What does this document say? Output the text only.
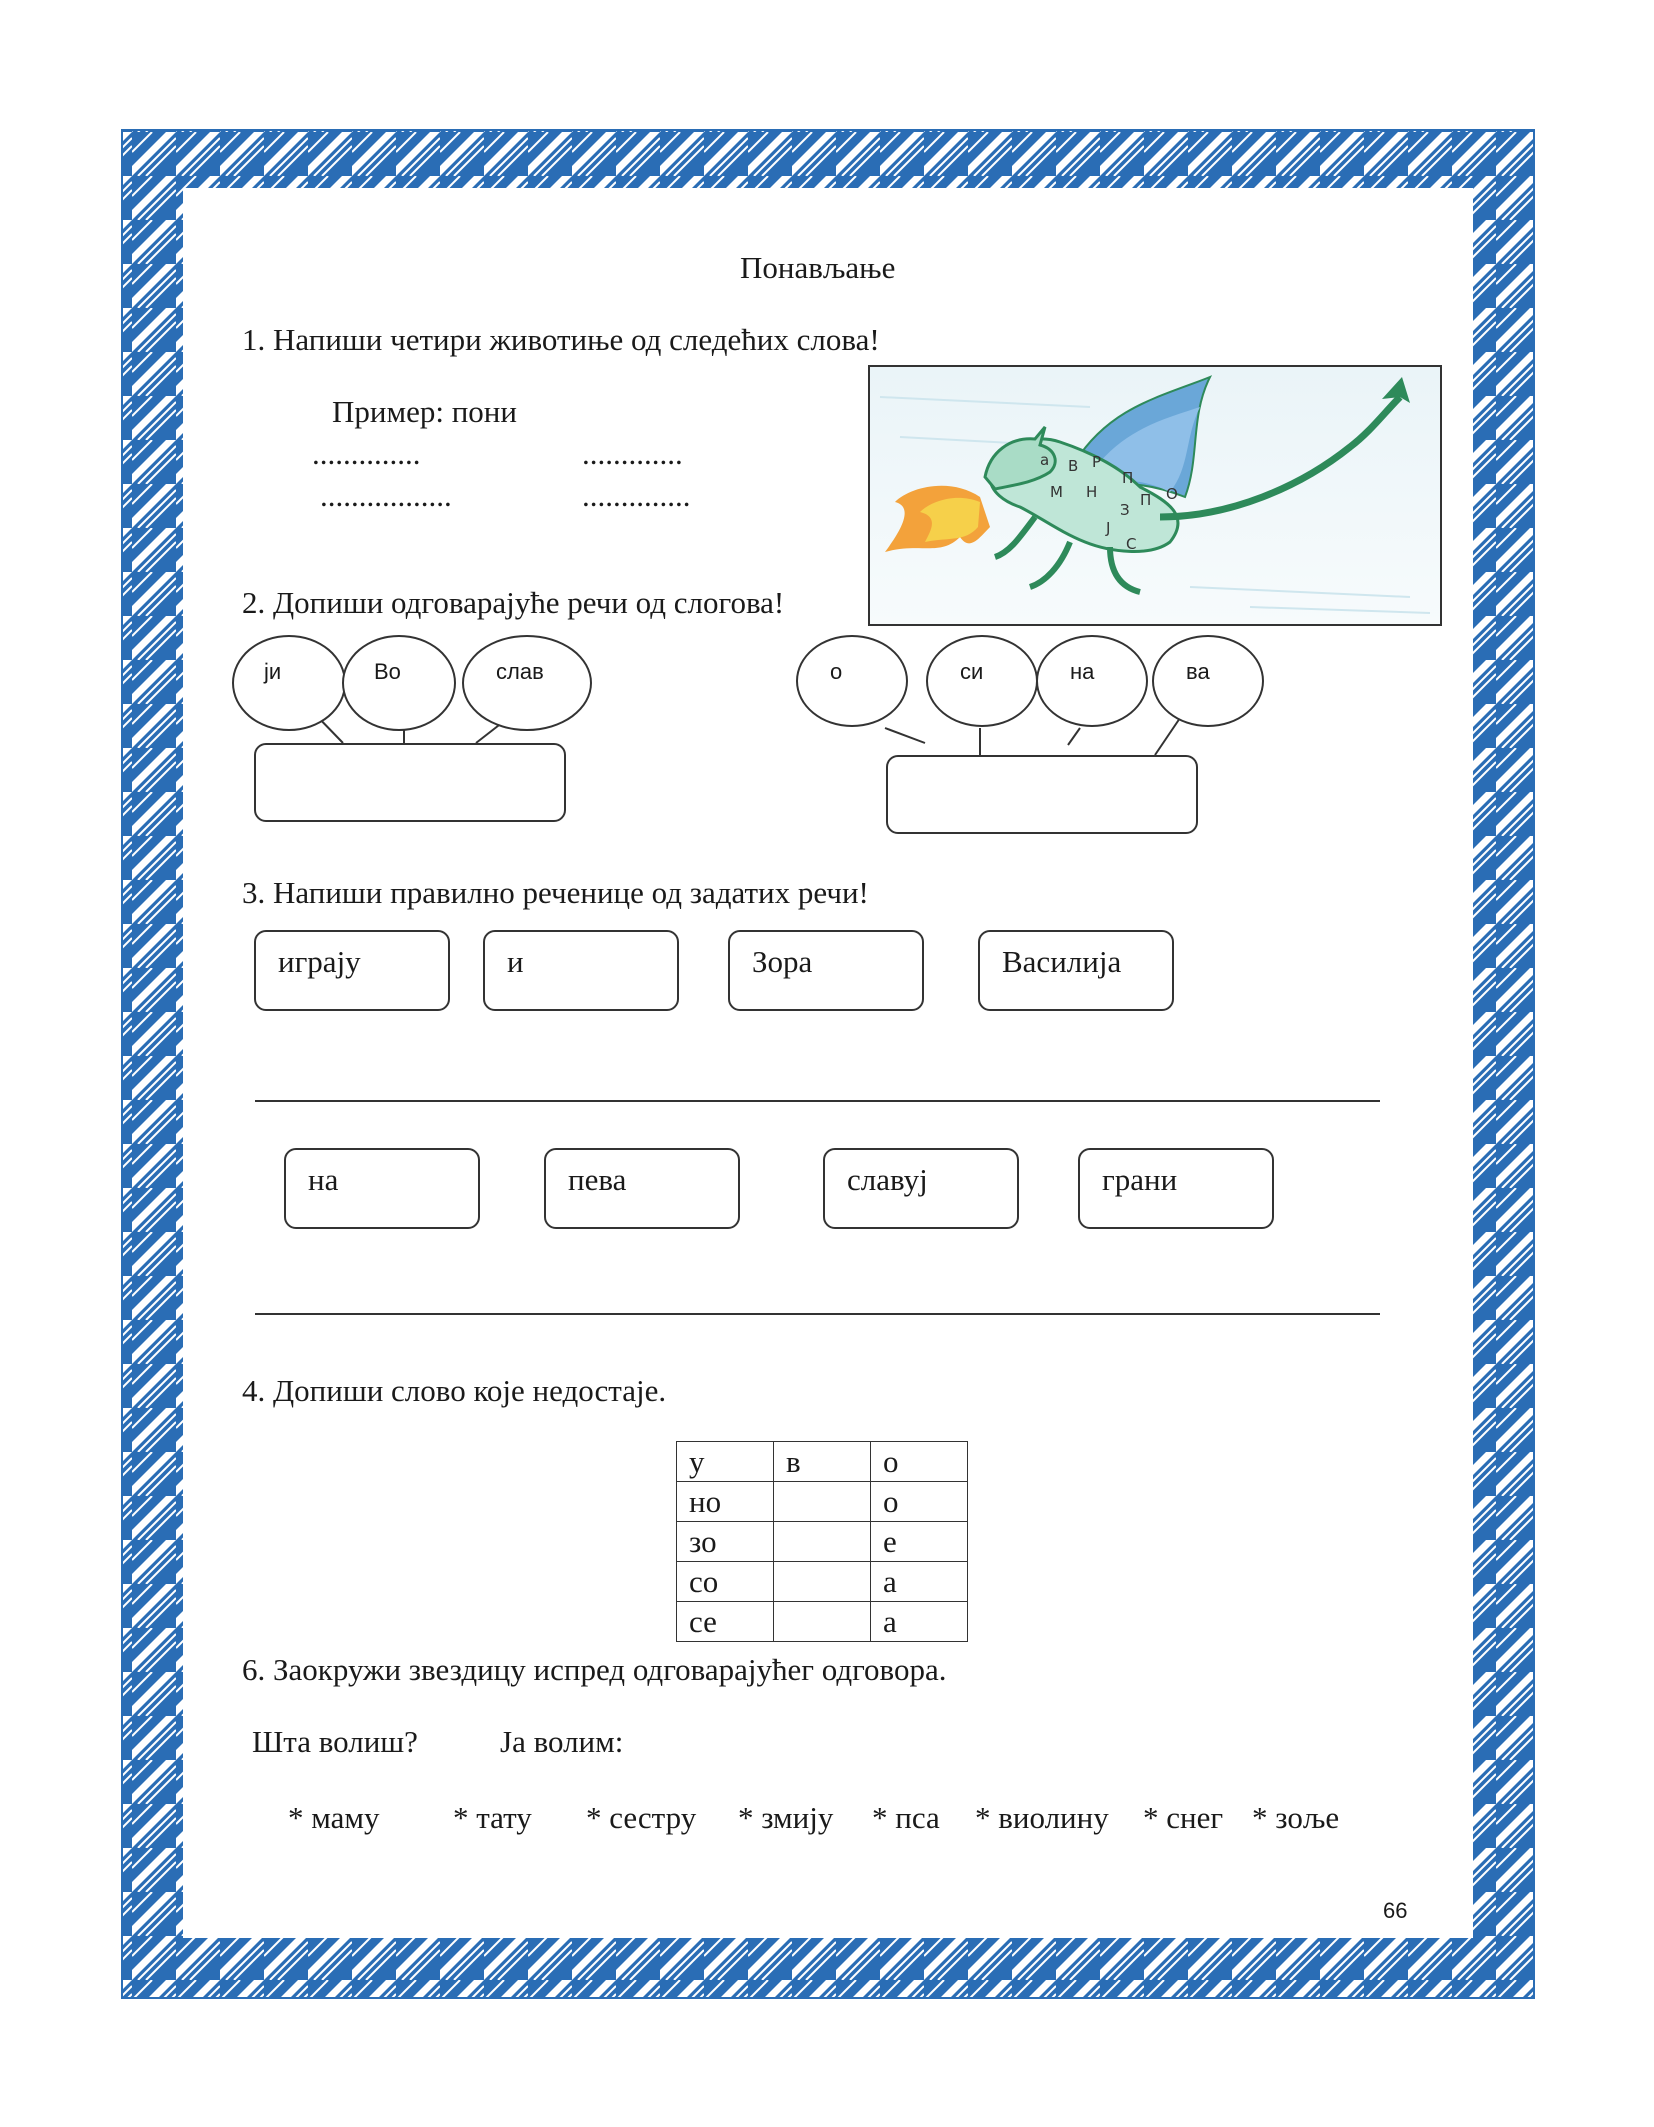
Понављање
1. Напиши четири животиње од следећих слова!
Пример: пони
..............	.............
.................	..............
а В Р
П
М Н	П О
З
Ј
С
2. Допиши одговарајуће речи од слогова!
ји	Во	слав	о	си	на	ва
3. Напиши правилно реченице од задатих речи!
играју	и	Зора	Василија
на	пева	славуј	грани
4. Допиши слово које недостаје.
у	в	о
но		о
зо		е
со		а
се		а
6. Заокружи звездицу испред одговарајућег одговора.
Шта волиш?	Ја волим:
* маму * тату * сестру * змију * пса * виолину * снег * зоље
66
